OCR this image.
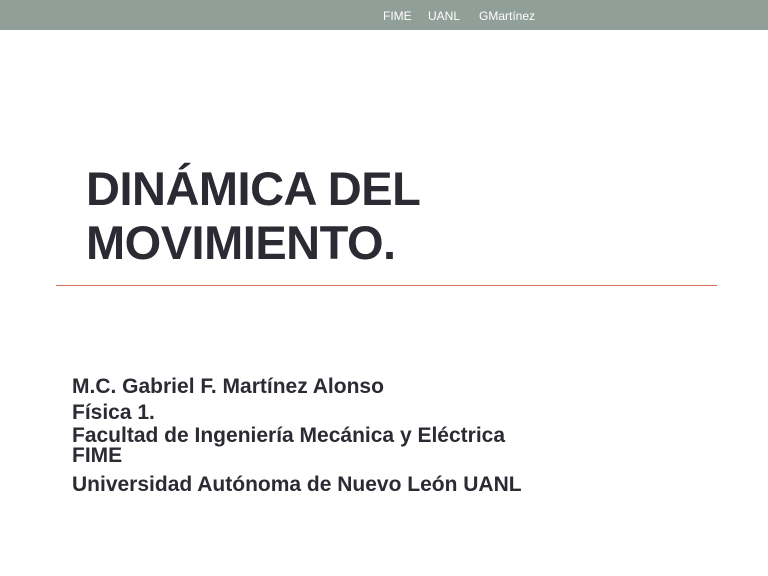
FIME UANL GMartínez
DINÁMICA DEL
MOVIMIENTO.
M.C. Gabriel F. Martínez Alonso
Física 1.
Facultad de Ingeniería Mecánica y Eléctrica
FIME
Universidad Autónoma de Nuevo León UANL
